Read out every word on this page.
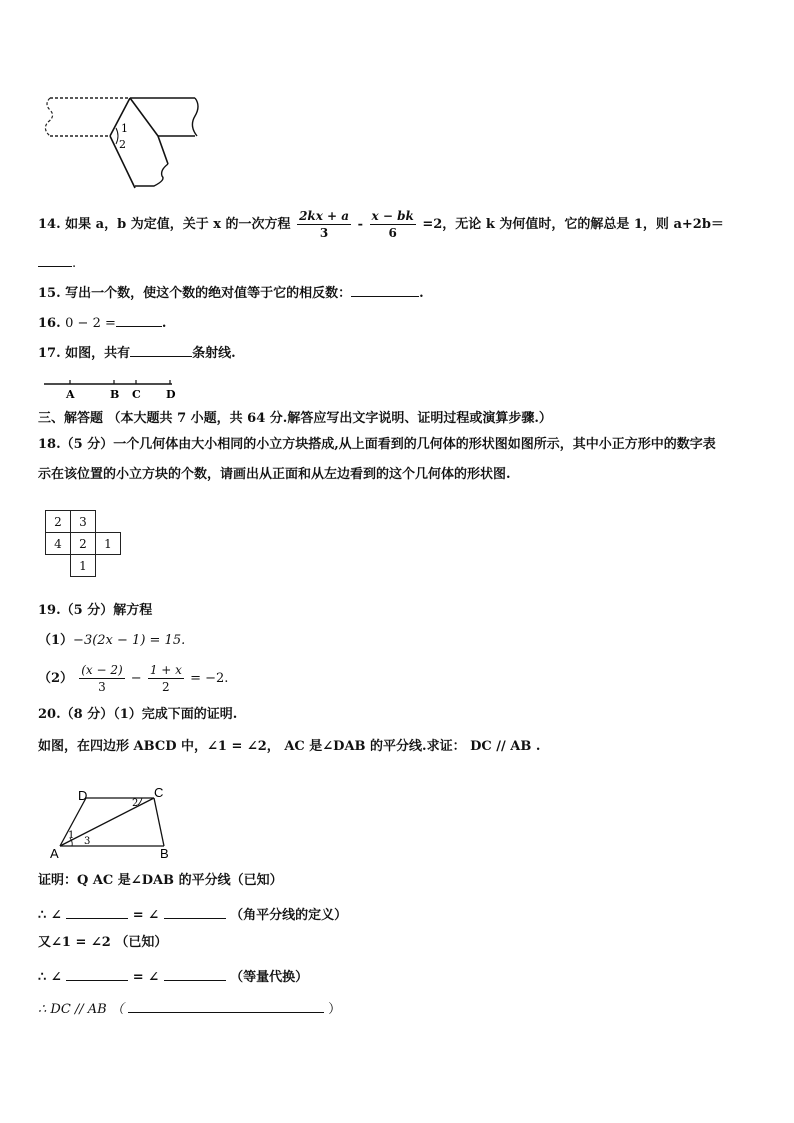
1
2
14. 如果 a，b 为定值，关于 x 的一次方程 $\frac{2kx + a}{3} - \frac{x - bk}{6} =2$，无论 k 为何值时，它的解总是 1，则 a+2b＝
.
15. 写出一个数，使这个数的绝对值等于它的相反数：	.
16. 0 − 2 =	.
17. 如图，共有	条射线.
A	B C D
三、解答题 （本大题共 7 小题，共 64 分.解答应写出文字说明、证明过程或演算步骤.）
18.（5 分）一个几何体由大小相同的小立方块搭成,从上面看到的几何体的形状图如图所示，其中小正方形中的数字表
示在该位置的小立方块的个数，请画出从正面和从左边看到的这个几何体的形状图.
2	3	
4	2	1
	1	
19.（5 分）解方程
（1）−3(2x − 1) = 15.
$(2) \frac{(x - 2)}{3} - \frac{1 + x}{2} = -2$.
20.（8 分）（1）完成下面的证明.
如图，在四边形 ABCD 中，∠1 = ∠2， AC 是∠DAB 的平分线.求证： DC // AB .
A	B
C
D
1
2
3
证明：Q AC 是∠DAB 的平分线（已知）
∴ ∠	= ∠	（角平分线的定义）
又∠1 = ∠2 （已知）
∴ ∠	= ∠	（等量代换）
∴ DC // AB （	）
